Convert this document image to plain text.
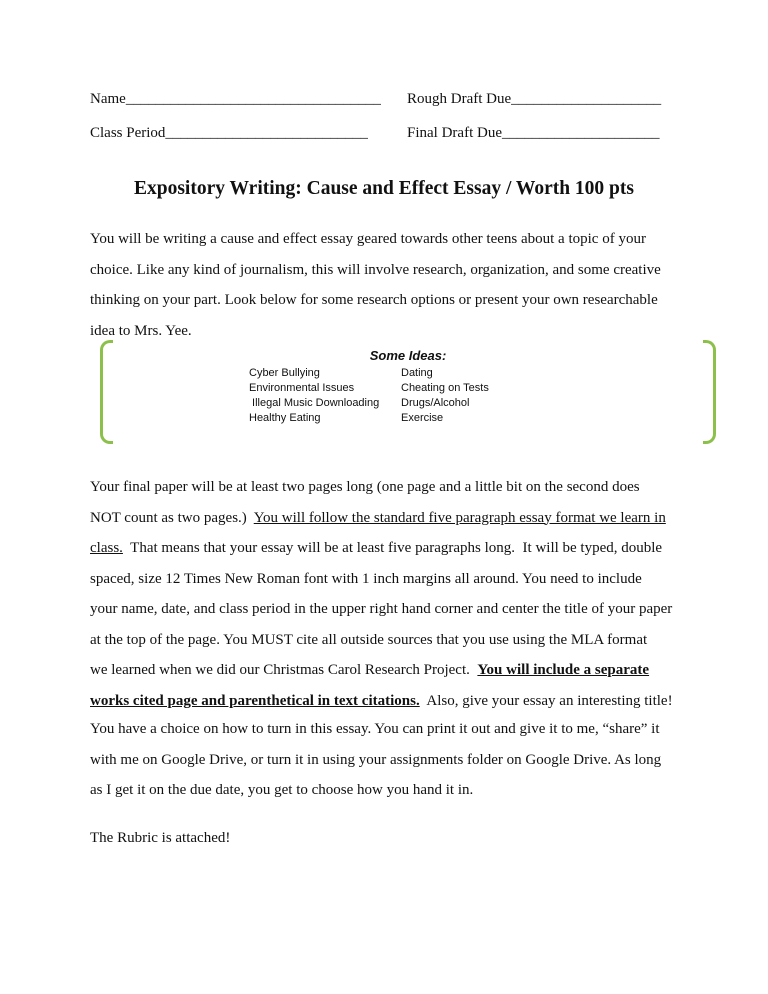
Name__________________________________ Rough Draft Due____________________
Class Period___________________________	Final Draft Due_____________________
Expository Writing: Cause and Effect Essay / Worth 100 pts
You will be writing a cause and effect essay geared towards other teens about a topic of your
choice. Like any kind of journalism, this will involve research, organization, and some creative
thinking on your part. Look below for some research options or present your own researchable
idea to Mrs. Yee.
Some Ideas:
Cyber Bullying
Environmental Issues
Illegal Music Downloading
Healthy Eating
Dating
Cheating on Tests
Drugs/Alcohol
Exercise
Your final paper will be at least two pages long (one page and a little bit on the second does
NOT count as two pages.)  You will follow the standard five paragraph essay format we learn in
class.  That means that your essay will be at least five paragraphs long.  It will be typed, double
spaced, size 12 Times New Roman font with 1 inch margins all around. You need to include
your name, date, and class period in the upper right hand corner and center the title of your paper
at the top of the page. You MUST cite all outside sources that you use using the MLA format
we learned when we did our Christmas Carol Research Project.  You will include a separate
works cited page and parenthetical in text citations.  Also, give your essay an interesting title!
You have a choice on how to turn in this essay. You can print it out and give it to me, “share” it
with me on Google Drive, or turn it in using your assignments folder on Google Drive. As long
as I get it on the due date, you get to choose how you hand it in.
The Rubric is attached!
